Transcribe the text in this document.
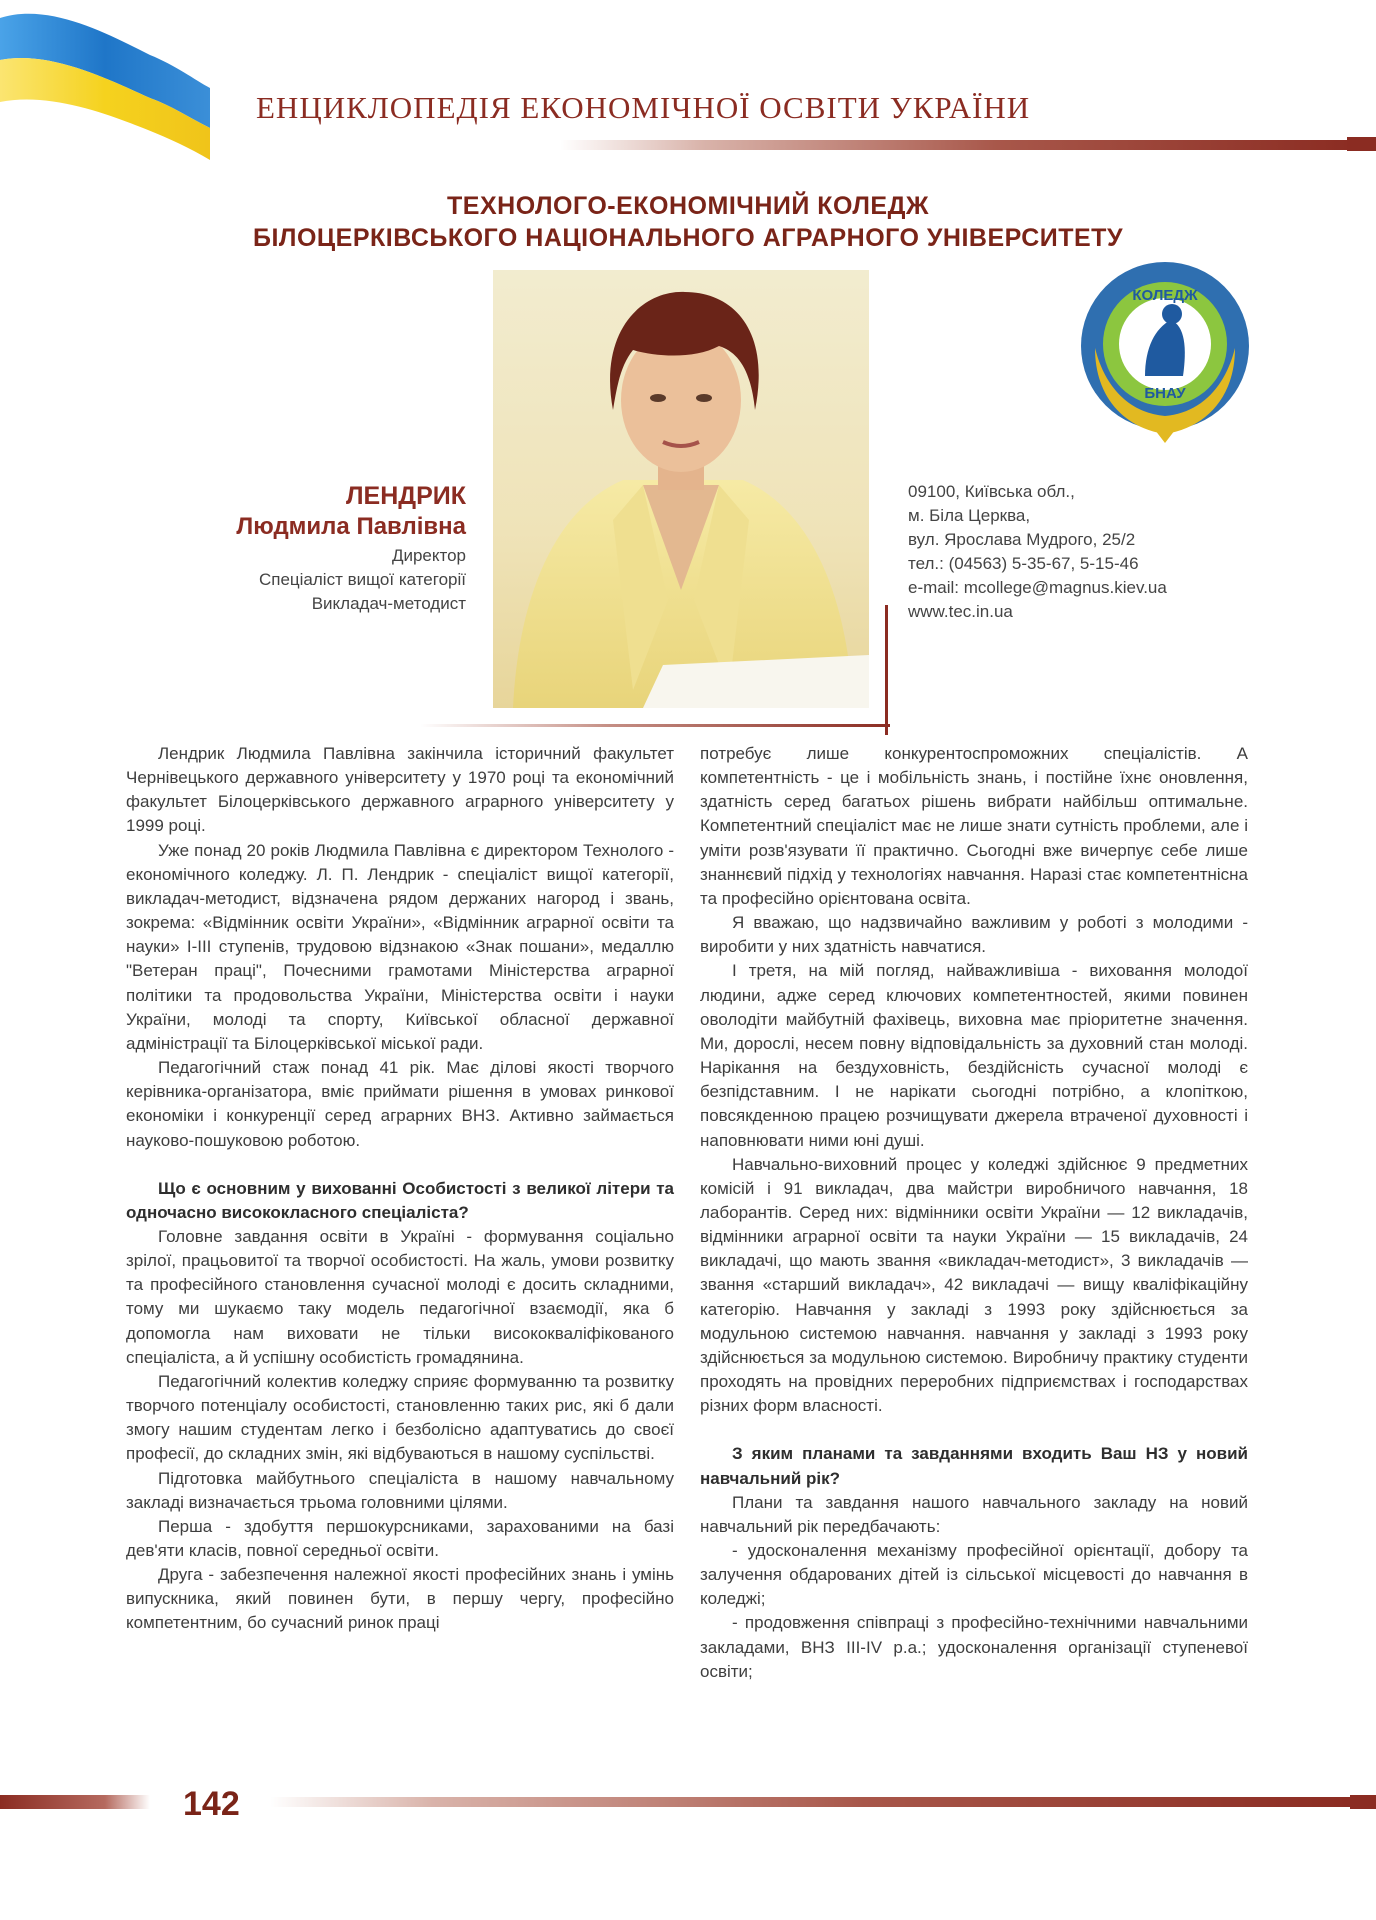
ЕНЦИКЛОПЕДІЯ ЕКОНОМІЧНОЇ ОСВІТИ УКРАЇНИ
ТЕХНОЛОГО-ЕКОНОМІЧНИЙ КОЛЕДЖ
БІЛОЦЕРКІВСЬКОГО НАЦІОНАЛЬНОГО АГРАРНОГО УНІВЕРСИТЕТУ
КОЛЕДЖ
БНАУ
ЛЕНДРИК
Людмила Павлівна
Директор
Спеціаліст вищої категорії
Викладач-методист
09100, Київська обл.,
м. Біла Церква,
вул. Ярослава Мудрого, 25/2
тел.: (04563) 5-35-67, 5-15-46
e-mail: mcollege@magnus.kiev.ua
www.tec.in.ua

Лендрик Людмила Павлівна закінчила історичний факультет Чернівецького державного університету у 1970 році та економічний факультет Білоцерківського державного аграрного університету у 1999 році.

Уже понад 20 років Людмила Павлівна є директором Технолого - економічного коледжу. Л. П. Лендрик - спеціаліст вищої категорії, викладач-методист, відзначена рядом держаних нагород і звань, зокрема: «Відмінник освіти України», «Відмінник аграрної освіти та науки» I-III ступенів, трудовою відзнакою «Знак пошани», медаллю "Ветеран праці", Почесними грамотами Міністерства аграрної політики та продовольства України, Міністерства освіти і науки України, молоді та спорту, Київської обласної державної адміністрації та Білоцерківської міської ради.

Педагогічний стаж понад 41 рік. Має ділові якості творчого керівника-організатора, вміє приймати рішення в умовах ринкової економіки і конкуренції серед аграрних ВНЗ. Активно займається науково-пошуковою роботою.

Що є основним у вихованні Особистості з великої літери та одночасно висококласного спеціаліста?

Головне завдання освіти в Україні - формування соціально зрілої, працьовитої та творчої особистості. На жаль, умови розвитку та професійного становлення сучасної молоді є досить складними, тому ми шукаємо таку модель педагогічної взаємодії, яка б допомогла нам виховати не тільки висококваліфікованого спеціаліста, а й успішну особистість громадянина.

Педагогічний колектив коледжу сприяє формуванню та розвитку творчого потенціалу особистості, становленню таких рис, які б дали змогу нашим студентам легко і безболісно адаптуватись до своєї професії, до складних змін, які відбуваються в нашому суспільстві.

Підготовка майбутнього спеціаліста в нашому навчальному закладі визначається трьома головними цілями.

Перша - здобуття першокурсниками, зарахованими на базі дев'яти класів, повної середньої освіти.

Друга - забезпечення належної якості професійних знань і умінь випускника, який повинен бути, в першу чергу, професійно компетентним, бо сучасний ринок праці

потребує лише конкурентоспроможних спеціалістів. А компетентність - це і мобільність знань, і постійне їхнє оновлення, здатність серед багатьох рішень вибрати найбільш оптимальне. Компетентний спеціаліст має не лише знати сутність проблеми, але і уміти розв'язувати її практично. Сьогодні вже вичерпує себе лише знаннєвий підхід у технологіях навчання. Наразі стає компетентнісна та професійно орієнтована освіта.

Я вважаю, що надзвичайно важливим у роботі з молодими - виробити у них здатність навчатися.

І третя, на мій погляд, найважливіша - виховання молодої людини, адже серед ключових компетентностей, якими повинен оволодіти майбутній фахівець, виховна має пріоритетне значення. Ми, дорослі, несем повну відповідальність за духовний стан молоді. Нарікання на бездуховність, бездійсність сучасної молоді є безпідставним. І не нарікати сьогодні потрібно, а клопіткою, повсякденною працею розчищувати джерела втраченої духовності і наповнювати ними юні душі.

Навчально-виховний процес у коледжі здійснює 9 предметних комісій і 91 викладач, два майстри виробничого навчання, 18 лаборантів. Серед них: відмінники освіти України — 12 викладачів, відмінники аграрної освіти та науки України — 15 викладачів, 24 викладачі, що мають звання «викладач-методист», 3 викладачів — звання «старший викладач», 42 викладачі — вищу кваліфікаційну категорію. Навчання у закладі з 1993 року здійснюється за модульною системою навчання. навчання у закладі з 1993 року здійснюється за модульною системою. Виробничу практику студенти проходять на провідних переробних підприємствах і господарствах різних форм власності.

З яким планами та завданнями входить Ваш НЗ у новий навчальний рік?

Плани та завдання нашого навчального закладу на новий навчальний рік передбачають:

- удосконалення механізму професійної орієнтації, добору та залучення обдарованих дітей із сільської місцевості до навчання в коледжі;

- продовження співпраці з професійно-технічними навчальними закладами, ВНЗ III-IV р.а.; удосконалення організації ступеневої освіти;

142
